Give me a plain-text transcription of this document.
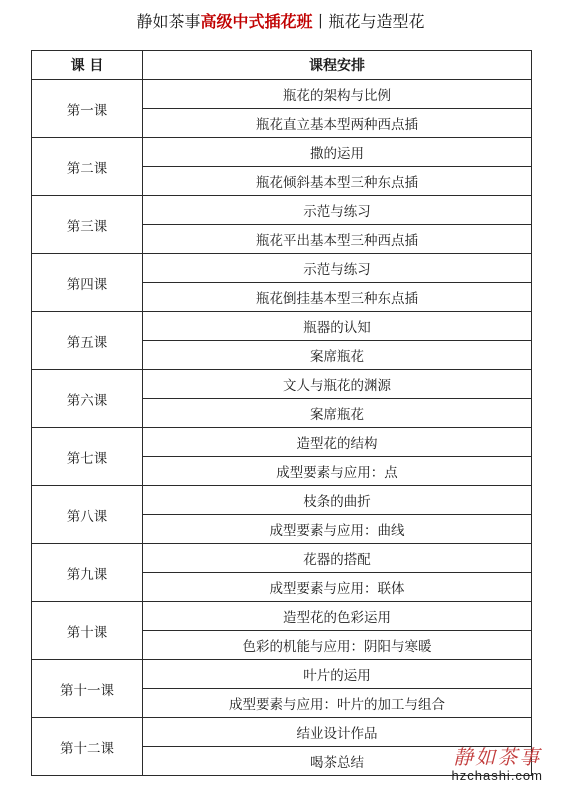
静如茶事高级中式插花班丨瓶花与造型花
课 目	课程安排
第一课	瓶花的架构与比例
	瓶花直立基本型两种西点插
第二课	撒的运用
	瓶花倾斜基本型三种东点插
第三课	示范与练习
	瓶花平出基本型三种西点插
第四课	示范与练习
	瓶花倒挂基本型三种东点插
第五课	瓶器的认知
	案席瓶花
第六课	文人与瓶花的渊源
	案席瓶花
第七课	造型花的结构
	成型要素与应用：点
第八课	枝条的曲折
	成型要素与应用：曲线
第九课	花器的搭配
	成型要素与应用：联体
第十课	造型花的色彩运用
	色彩的机能与应用：阴阳与寒暖
第十一课	叶片的运用
	成型要素与应用：叶片的加工与组合
第十二课	结业设计作品
	喝茶总结	静如茶事
hzchashi.com
